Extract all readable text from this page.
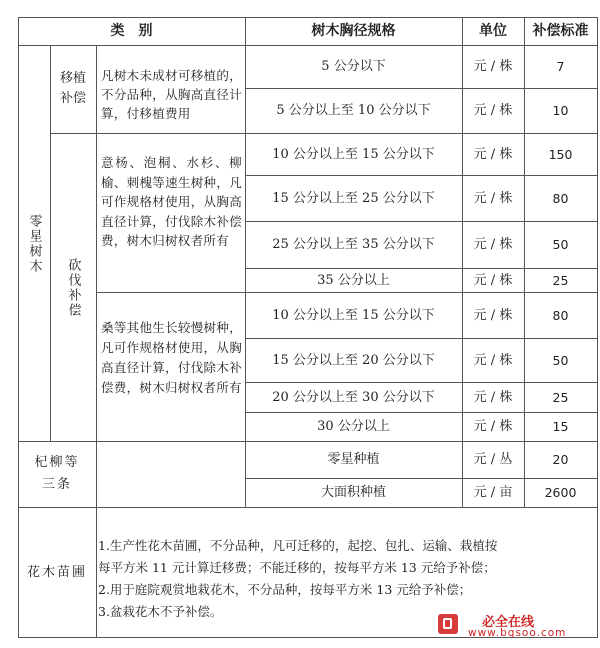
类　别	树木胸径规格	单位	补偿标准
零星树木
移植补偿
凡树木未成材可移植的，不分品种，从胸高直径计算，付移植费用
5 公分以下	元 / 株	7
5 公分以上至 10 公分以下	元 / 株	10
砍伐补偿
意杨、泡桐、水杉、柳榆、刺槐等速生树种，凡可作规格材使用，从胸高直径计算，付伐除木补偿费，树木归树权者所有
10 公分以上至 15 公分以下	元 / 株	150
15 公分以上至 25 公分以下	元 / 株	80
25 公分以上至 35 公分以下	元 / 株	50
35 公分以上	元 / 株	25
桑等其他生长较慢树种，凡可作规格材使用，从胸高直径计算，付伐除木补偿费，树木归树权者所有
10 公分以上至 15 公分以下	元 / 株	80
15 公分以上至 20 公分以下	元 / 株	50
20 公分以上至 30 公分以下	元 / 株	25
30 公分以上	元 / 株	15
杞柳等三条
零星种植	元 / 丛	20
大面积种植	元 / 亩	2600
花木苗圃
1.生产性花木苗圃，不分品种，凡可迁移的，起挖、包扎、运输、栽植按
每平方米 11 元计算迁移费；不能迁移的，按每平方米 13 元给予补偿；
2.用于庭院观赏地栽花木，不分品种，按每平方米 13 元给予补偿；
3.盆栽花木不予补偿。
必全在线
www.bqsoo.com
